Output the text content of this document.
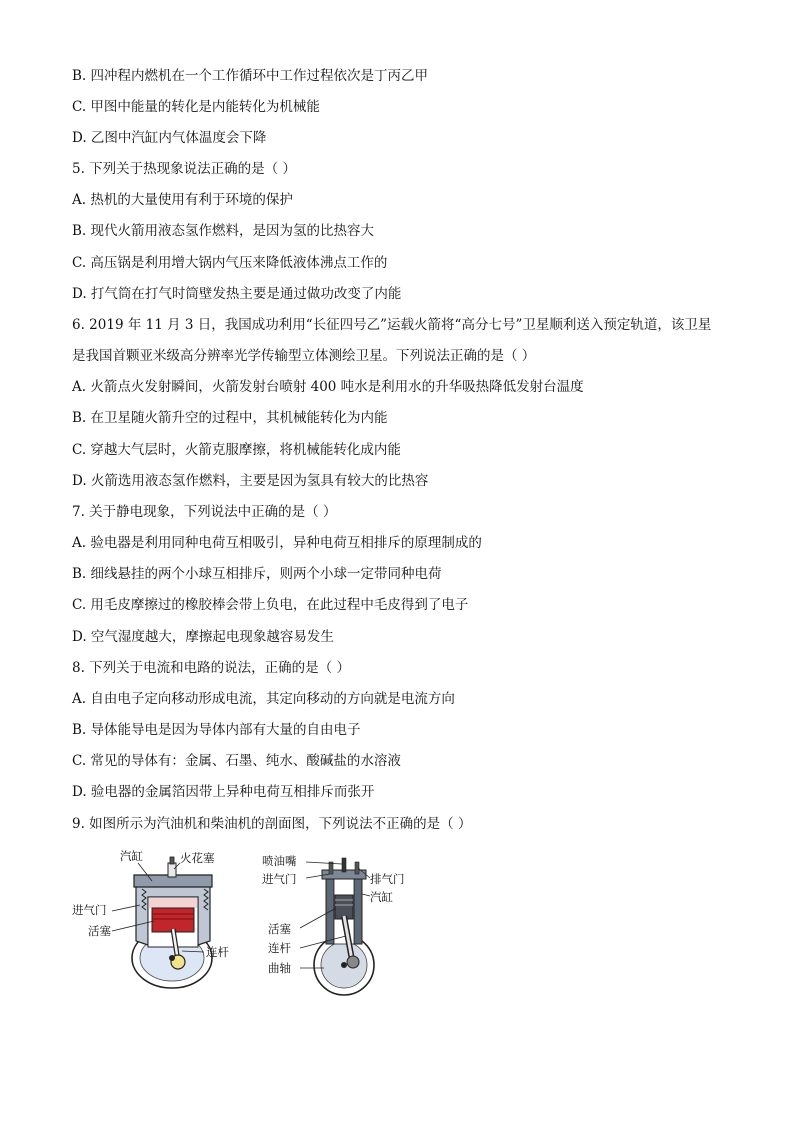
B. 四冲程内燃机在一个工作循环中工作过程依次是丁丙乙甲
C. 甲图中能量的转化是内能转化为机械能
D. 乙图中汽缸内气体温度会下降
5. 下列关于热现象说法正确的是（ ）
A. 热机的大量使用有利于环境的保护
B. 现代火箭用液态氢作燃料，是因为氢的比热容大
C. 高压锅是利用增大锅内气压来降低液体沸点工作的
D. 打气筒在打气时筒壁发热主要是通过做功改变了内能
6. 2019 年 11 月 3 日，我国成功利用“长征四号乙”运载火箭将“高分七号”卫星顺利送入预定轨道，该卫星
是我国首颗亚米级高分辨率光学传输型立体测绘卫星。下列说法正确的是（ ）
A. 火箭点火发射瞬间，火箭发射台喷射 400 吨水是利用水的升华吸热降低发射台温度
B. 在卫星随火箭升空的过程中，其机械能转化为内能
C. 穿越大气层时，火箭克服摩擦，将机械能转化成内能
D. 火箭选用液态氢作燃料，主要是因为氢具有较大的比热容
7. 关于静电现象，下列说法中正确的是（ ）
A. 验电器是利用同种电荷互相吸引，异种电荷互相排斥的原理制成的
B. 细线悬挂的两个小球互相排斥，则两个小球一定带同种电荷
C. 用毛皮摩擦过的橡胶棒会带上负电，在此过程中毛皮得到了电子
D. 空气湿度越大，摩擦起电现象越容易发生
8. 下列关于电流和电路的说法，正确的是（ ）
A. 自由电子定向移动形成电流，其定向移动的方向就是电流方向
B. 导体能导电是因为导体内部有大量的自由电子
C. 常见的导体有：金属、石墨、纯水、酸碱盐的水溶液
D. 验电器的金属箔因带上异种电荷互相排斥而张开
9. 如图所示为汽油机和柴油机的剖面图，下列说法不正确的是（ ）
汽缸	火花塞
进气门
活塞
连杆
喷油嘴
进气门	排气门
汽缸
活塞
连杆
曲轴
